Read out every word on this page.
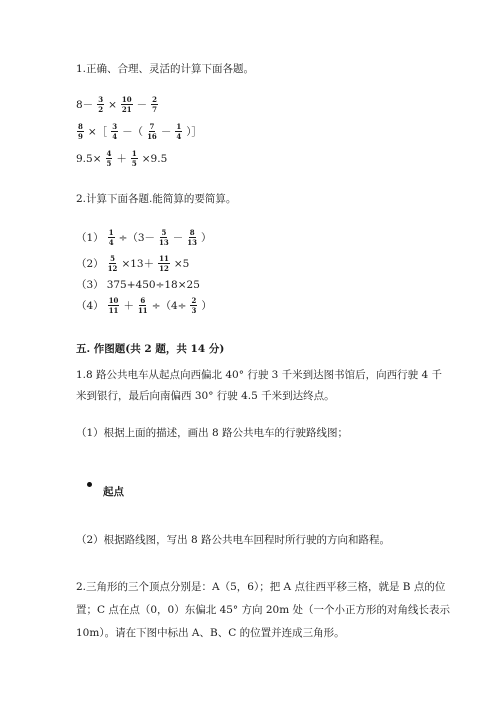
1.正确、合理、灵活的计算下面各题。
$8- \frac{3}{2} \times \frac{10}{21} - \frac{2}{7}$
$\frac{8}{9}$ ×［ $\frac{3}{4}$ －（ $\frac{7}{16} - \frac{1}{4}$ ）］
$9.5\times \frac{4}{5} + \frac{1}{5} \times 9.5$
2.计算下面各题.能简算的要简算。
$(1) \frac{1}{4} \div(3- \frac{5}{13} - \frac{8}{13}$ ）
$(2) \frac{5}{12} \times 13+ \frac{11}{12} \times 5$
（3） 375+450÷18×25
$(4) \frac{10}{11} + \frac{6}{11} \div(4\div \frac{2}{3}$ ）
五. 作图题(共 2 题，共 14 分)
1.8 路公共电车从起点向西偏北 40° 行驶 3 千米到达图书馆后，向西行驶 4 千
米到银行，最后向南偏西 30° 行驶 4.5 千米到达终点。
（1）根据上面的描述，画出 8 路公共电车的行驶路线图；
起点
（2）根据路线图，写出 8 路公共电车回程时所行驶的方向和路程。
2.三角形的三个顶点分别是：A（5，6）；把 A 点往西平移三格，就是 B 点的位
置；C 点在点（0，0）东偏北 45° 方向 20m 处（一个小正方形的对角线长表示
10m）。请在下图中标出 A、B、C 的位置并连成三角形。
